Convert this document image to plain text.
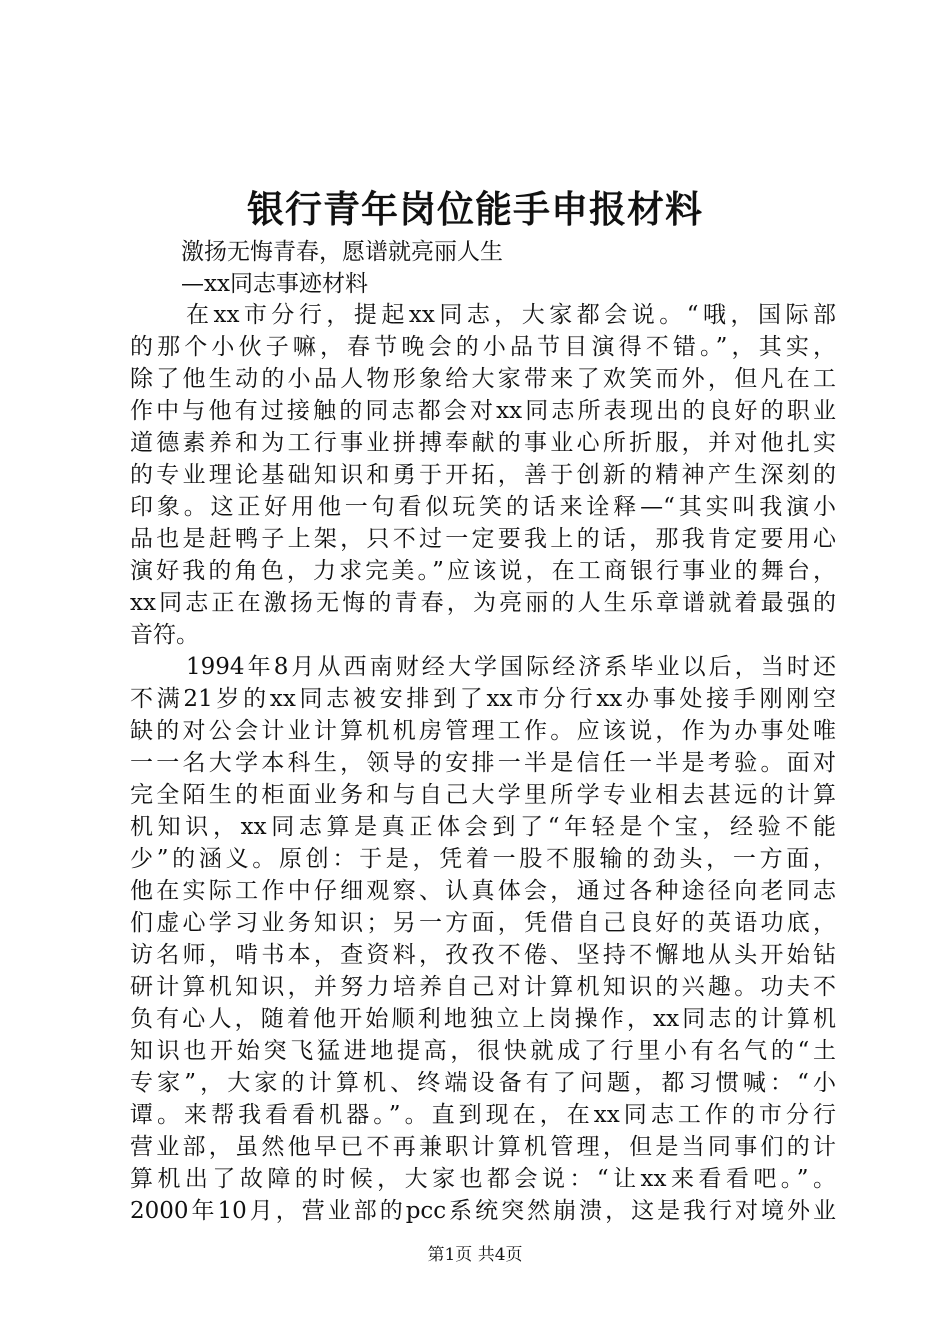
银行青年岗位能手申报材料

激扬无悔青春，愿谱就亮丽人生

—xx同志事迹材料

在xx市分行，提起xx同志，大家都会说。“哦，国际部
的那个小伙子嘛，春节晚会的小品节目演得不错。”，其实，
除了他生动的小品人物形象给大家带来了欢笑而外，但凡在工
作中与他有过接触的同志都会对xx同志所表现出的良好的职业
道德素养和为工行事业拼搏奉献的事业心所折服，并对他扎实
的专业理论基础知识和勇于开拓，善于创新的精神产生深刻的
印象。这正好用他一句看似玩笑的话来诠释—“其实叫我演小
品也是赶鸭子上架，只不过一定要我上的话，那我肯定要用心
演好我的角色，力求完美。”应该说，在工商银行事业的舞台，
xx同志正在激扬无悔的青春，为亮丽的人生乐章谱就着最强的
音符。
1994年8月从西南财经大学国际经济系毕业以后，当时还
不满21岁的xx同志被安排到了xx市分行xx办事处接手刚刚空
缺的对公会计业计算机机房管理工作。应该说，作为办事处唯
一一名大学本科生，领导的安排一半是信任一半是考验。面对
完全陌生的柜面业务和与自己大学里所学专业相去甚远的计算
机知识，xx同志算是真正体会到了“年轻是个宝，经验不能
少”的涵义。原创：于是，凭着一股不服输的劲头，一方面，
他在实际工作中仔细观察、认真体会，通过各种途径向老同志
们虚心学习业务知识；另一方面，凭借自己良好的英语功底，
访名师，啃书本，查资料，孜孜不倦、坚持不懈地从头开始钻
研计算机知识，并努力培养自己对计算机知识的兴趣。功夫不
负有心人，随着他开始顺利地独立上岗操作，xx同志的计算机
知识也开始突飞猛进地提高，很快就成了行里小有名气的“土
专家”，大家的计算机、终端设备有了问题，都习惯喊：“小
谭。来帮我看看机器。”。直到现在，在xx同志工作的市分行
营业部，虽然他早已不再兼职计算机管理，但是当同事们的计
算机出了故障的时候，大家也都会说：“让xx来看看吧。”。
2000年10月，营业部的pcc系统突然崩溃，这是我行对境外业

第1页 共4页
